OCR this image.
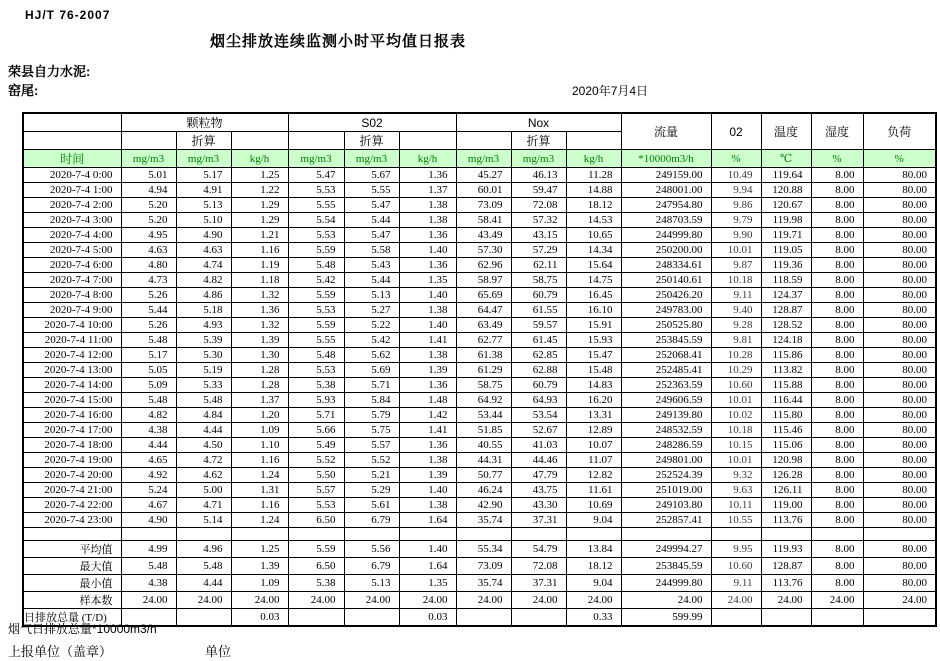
HJ/T 76-2007
烟尘排放连续监测小时平均值日报表
荣县自力水泥:
窑尾:	2020年7月4日
	颗粒物			S02			Nox			流量	02	温度	湿度	负荷
		折算			折算			折算						
时间	mg/m3	mg/m3	kg/h	mg/m3	mg/m3	kg/h	mg/m3	mg/m3	kg/h	*10000m3/h	%	℃	%	%
2020-7-4 0:00	5.01	5.17	1.25	5.47	5.67	1.36	45.27	46.13	11.28	249159.00	10.49	119.64	8.00	80.00
2020-7-4 1:00	4.94	4.91	1.22	5.53	5.55	1.37	60.01	59.47	14.88	248001.00	9.94	120.88	8.00	80.00
2020-7-4 2:00	5.20	5.13	1.29	5.55	5.47	1.38	73.09	72.08	18.12	247954.80	9.86	120.67	8.00	80.00
2020-7-4 3:00	5.20	5.10	1.29	5.54	5.44	1.38	58.41	57.32	14.53	248703.59	9.79	119.98	8.00	80.00
2020-7-4 4:00	4.95	4.90	1.21	5.53	5.47	1.36	43.49	43.15	10.65	244999.80	9.90	119.71	8.00	80.00
2020-7-4 5:00	4.63	4.63	1.16	5.59	5.58	1.40	57.30	57.29	14.34	250200.00	10.01	119.05	8.00	80.00
2020-7-4 6:00	4.80	4.74	1.19	5.48	5.43	1.36	62.96	62.11	15.64	248334.61	9.87	119.36	8.00	80.00
2020-7-4 7:00	4.73	4.82	1.18	5.42	5.44	1.35	58.97	58.75	14.75	250140.61	10.18	118.59	8.00	80.00
2020-7-4 8:00	5.26	4.86	1.32	5.59	5.13	1.40	65.69	60.79	16.45	250426.20	9.11	124.37	8.00	80.00
2020-7-4 9:00	5.44	5.18	1.36	5.53	5.27	1.38	64.47	61.55	16.10	249783.00	9.40	128.87	8.00	80.00
2020-7-4 10:00	5.26	4.93	1.32	5.59	5.22	1.40	63.49	59.57	15.91	250525.80	9.28	128.52	8.00	80.00
2020-7-4 11:00	5.48	5.39	1.39	5.55	5.42	1.41	62.77	61.45	15.93	253845.59	9.81	124.18	8.00	80.00
2020-7-4 12:00	5.17	5.30	1.30	5.48	5.62	1.38	61.38	62.85	15.47	252068.41	10.28	115.86	8.00	80.00
2020-7-4 13:00	5.05	5.19	1.28	5.53	5.69	1.39	61.29	62.88	15.48	252485.41	10.29	113.82	8.00	80.00
2020-7-4 14:00	5.09	5.33	1.28	5.38	5.71	1.36	58.75	60.79	14.83	252363.59	10.60	115.88	8.00	80.00
2020-7-4 15:00	5.48	5.48	1.37	5.93	5.84	1.48	64.92	64.93	16.20	249606.59	10.01	116.44	8.00	80.00
2020-7-4 16:00	4.82	4.84	1.20	5.71	5.79	1.42	53.44	53.54	13.31	249139.80	10.02	115.80	8.00	80.00
2020-7-4 17:00	4.38	4.44	1.09	5.66	5.75	1.41	51.85	52.67	12.89	248532.59	10.18	115.46	8.00	80.00
2020-7-4 18:00	4.44	4.50	1.10	5.49	5.57	1.36	40.55	41.03	10.07	248286.59	10.15	115.06	8.00	80.00
2020-7-4 19:00	4.65	4.72	1.16	5.52	5.52	1.38	44.31	44.46	11.07	249801.00	10.01	120.98	8.00	80.00
2020-7-4 20:00	4.92	4.62	1.24	5.50	5.21	1.39	50.77	47.79	12.82	252524.39	9.32	126.28	8.00	80.00
2020-7-4 21:00	5.24	5.00	1.31	5.57	5.29	1.40	46.24	43.75	11.61	251019.00	9.63	126.11	8.00	80.00
2020-7-4 22:00	4.67	4.71	1.16	5.53	5.61	1.38	42.90	43.30	10.69	249103.80	10.11	119.00	8.00	80.00
2020-7-4 23:00	4.90	5.14	1.24	6.50	6.79	1.64	35.74	37.31	9.04	252857.41	10.55	113.76	8.00	80.00

平均值	4.99	4.96	1.25	5.59	5.56	1.40	55.34	54.79	13.84	249994.27	9.95	119.93	8.00	80.00
最大值	5.48	5.48	1.39	6.50	6.79	1.64	73.09	72.08	18.12	253845.59	10.60	128.87	8.00	80.00
最小值	4.38	4.44	1.09	5.38	5.13	1.35	35.74	37.31	9.04	244999.80	9.11	113.76	8.00	80.00
样本数	24.00	24.00	24.00	24.00	24.00	24.00	24.00	24.00	24.00	24.00	24.00	24.00	24.00	24.00
日排放总量 (T/D)			0.03			0.03			0.33	599.99				
烟气日排放总量*10000m3/h
上报单位（盖章）	单位
